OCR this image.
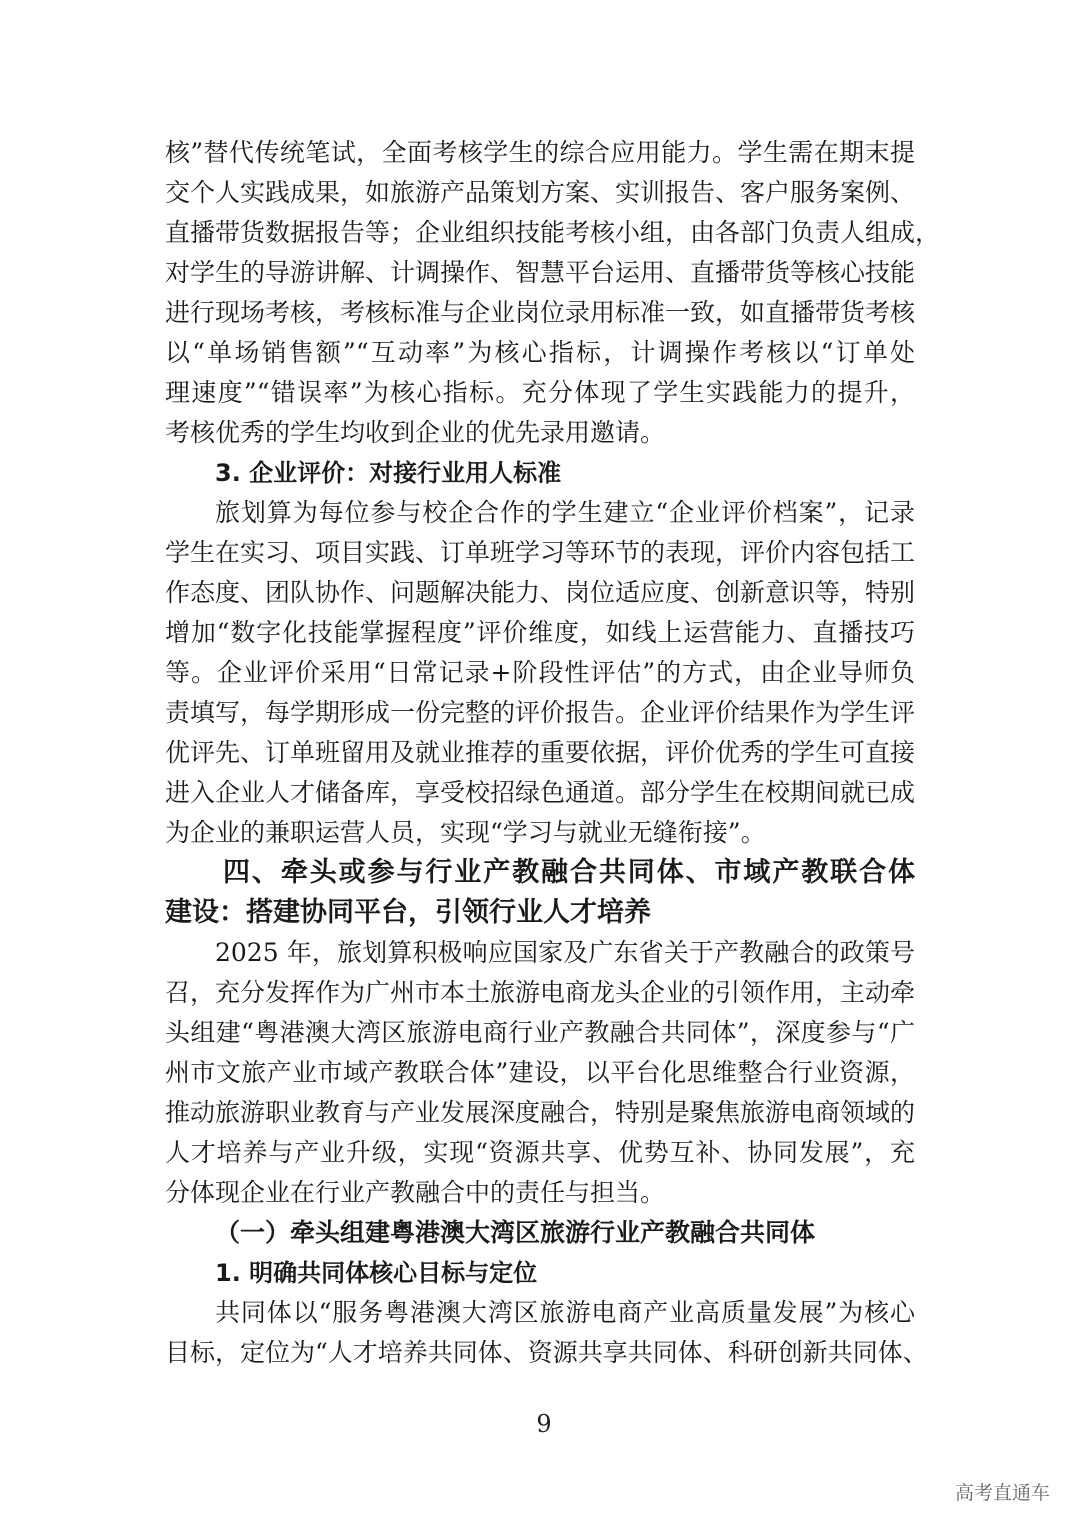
核”替代传统笔试，全面考核学生的综合应用能力。学生需在期末提
交个人实践成果，如旅游产品策划方案、实训报告、客户服务案例、
直播带货数据报告等；企业组织技能考核小组，由各部门负责人组成，
对学生的导游讲解、计调操作、智慧平台运用、直播带货等核心技能
进行现场考核，考核标准与企业岗位录用标准一致，如直播带货考核
以“单场销售额”“互动率”为核心指标，计调操作考核以“订单处
理速度”“错误率”为核心指标。充分体现了学生实践能力的提升，
考核优秀的学生均收到企业的优先录用邀请。
3. 企业评价：对接行业用人标准
旅划算为每位参与校企合作的学生建立“企业评价档案”，记录
学生在实习、项目实践、订单班学习等环节的表现，评价内容包括工
作态度、团队协作、问题解决能力、岗位适应度、创新意识等，特别
增加“数字化技能掌握程度”评价维度，如线上运营能力、直播技巧
等。企业评价采用“日常记录+阶段性评估”的方式，由企业导师负
责填写，每学期形成一份完整的评价报告。企业评价结果作为学生评
优评先、订单班留用及就业推荐的重要依据，评价优秀的学生可直接
进入企业人才储备库，享受校招绿色通道。部分学生在校期间就已成
为企业的兼职运营人员，实现“学习与就业无缝衔接”。
四、牵头或参与行业产教融合共同体、市域产教联合体
建设：搭建协同平台，引领行业人才培养
2025 年，旅划算积极响应国家及广东省关于产教融合的政策号
召，充分发挥作为广州市本土旅游电商龙头企业的引领作用，主动牵
头组建“粤港澳大湾区旅游电商行业产教融合共同体”，深度参与“广
州市文旅产业市域产教联合体”建设，以平台化思维整合行业资源，
推动旅游职业教育与产业发展深度融合，特别是聚焦旅游电商领域的
人才培养与产业升级，实现“资源共享、优势互补、协同发展”，充
分体现企业在行业产教融合中的责任与担当。
（一）牵头组建粤港澳大湾区旅游行业产教融合共同体
1. 明确共同体核心目标与定位
共同体以“服务粤港澳大湾区旅游电商产业高质量发展”为核心
目标，定位为“人才培养共同体、资源共享共同体、科研创新共同体、
9
高考直通车
